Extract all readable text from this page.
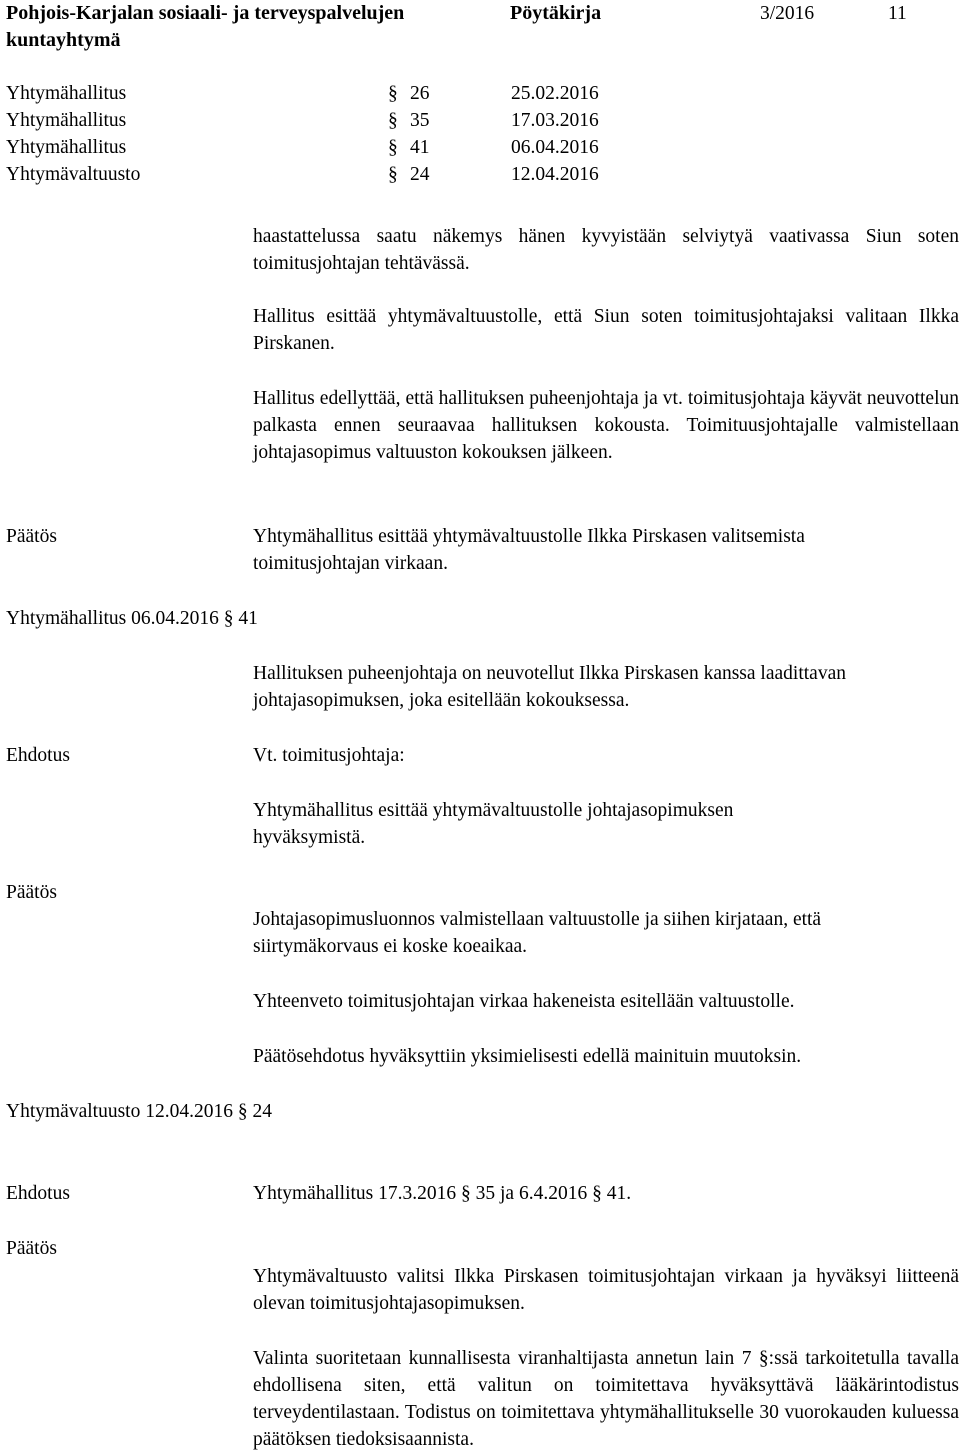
Pohjois-Karjalan sosiaali- ja terveyspalvelujen kuntayhtymä
Pöytäkirja	3/2016	11
Yhtymähallitus	§ 26	25.02.2016
Yhtymähallitus	§ 35	17.03.2016
Yhtymähallitus	§ 41	06.04.2016
Yhtymävaltuusto	§ 24	12.04.2016
haastattelussa saatu näkemys hänen kyvyistään selviytyä vaativassa Siun soten toimitusjohtajan tehtävässä.
Hallitus esittää yhtymävaltuustolle, että Siun soten toimitusjohtajaksi valitaan Ilkka Pirskanen.
Hallitus edellyttää, että hallituksen puheenjohtaja ja vt. toimitusjohtaja käyvät neuvottelun palkasta ennen seuraavaa hallituksen kokousta. Toimituusjohtajalle valmistellaan johtajasopimus valtuuston kokouksen jälkeen.
Päätös	Yhtymähallitus esittää yhtymävaltuustolle Ilkka Pirskasen valitsemista toimitusjohtajan virkaan.
Yhtymähallitus 06.04.2016 § 41
Hallituksen puheenjohtaja on neuvotellut Ilkka Pirskasen kanssa laadittavan johtajasopimuksen, joka esitellään kokouksessa.
Ehdotus	Vt. toimitusjohtaja:
Yhtymähallitus esittää yhtymävaltuustolle johtajasopimuksen hyväksymistä.
Päätös
Johtajasopimusluonnos valmistellaan valtuustolle ja siihen kirjataan, että siirtymäkorvaus ei koske koeaikaa.
Yhteenveto toimitusjohtajan virkaa hakeneista esitellään valtuustolle.
Päätösehdotus hyväksyttiin yksimielisesti edellä mainituin muutoksin.
Yhtymävaltuusto 12.04.2016 § 24
Ehdotus	Yhtymähallitus 17.3.2016 § 35 ja 6.4.2016 § 41.
Päätös
Yhtymävaltuusto valitsi Ilkka Pirskasen toimitusjohtajan virkaan ja hyväksyi liitteenä olevan toimitusjohtajasopimuksen.
Valinta suoritetaan kunnallisesta viranhaltijasta annetun lain 7 §:ssä tarkoitetulla tavalla ehdollisena siten, että valitun on toimitettava hyväksyttävä lääkärintodistus terveydentilastaan. Todistus on toimitettava yhtymähallitukselle 30 vuorokauden kuluessa päätöksen tiedoksisaannista.
